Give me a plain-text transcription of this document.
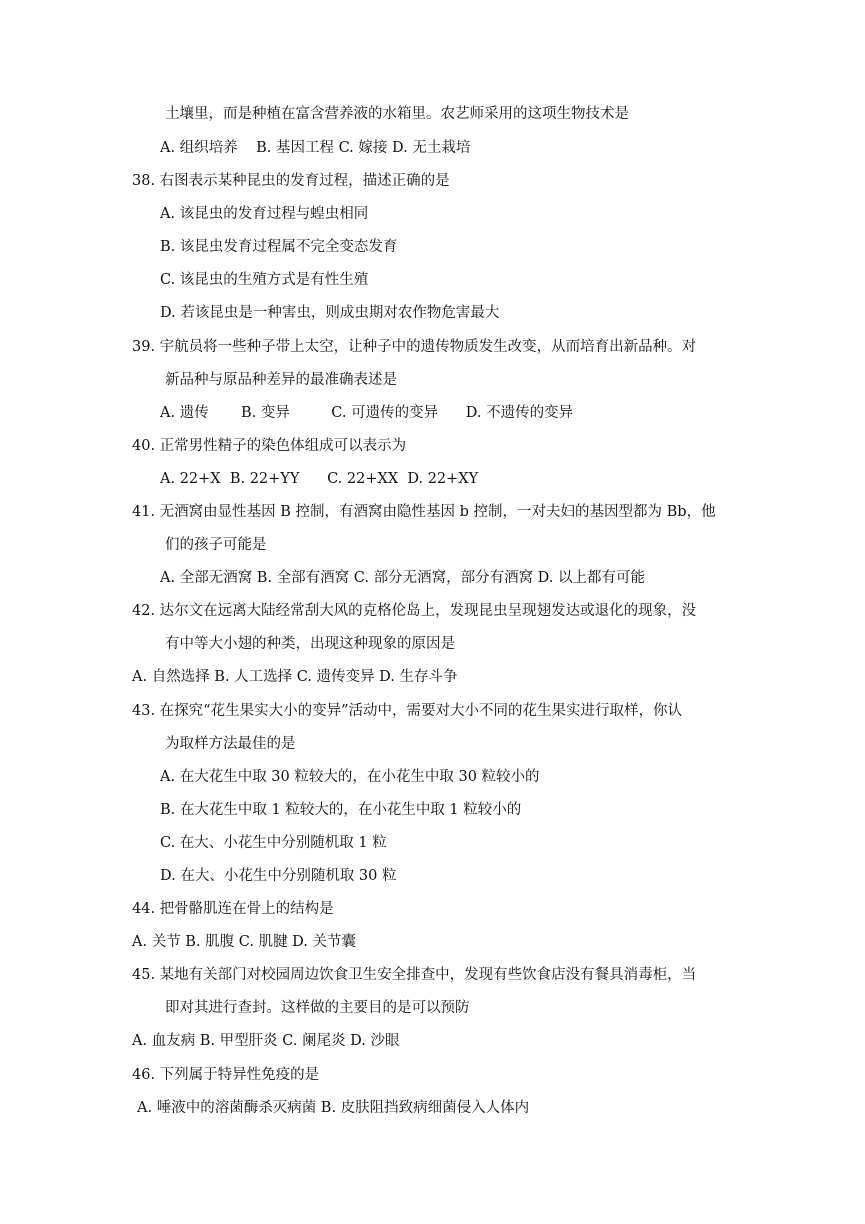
土壤里，而是种植在富含营养液的水箱里。农艺师采用的这项生物技术是
A. 组织培养    B. 基因工程 C. 嫁接 D. 无土栽培
38. 右图表示某种昆虫的发育过程，描述正确的是
A. 该昆虫的发育过程与蝗虫相同
B. 该昆虫发育过程属不完全变态发育
C. 该昆虫的生殖方式是有性生殖
D. 若该昆虫是一种害虫，则成虫期对农作物危害最大
39. 宇航员将一些种子带上太空，让种子中的遗传物质发生改变，从而培育出新品种。对
新品种与原品种差异的最准确表述是
A. 遗传       B. 变异         C. 可遗传的变异      D. 不遗传的变异
40. 正常男性精子的染色体组成可以表示为
A. 22+X  B. 22+YY      C. 22+XX  D. 22+XY
41. 无酒窝由显性基因 B 控制，有酒窝由隐性基因 b 控制，一对夫妇的基因型都为 Bb，他
们的孩子可能是
A. 全部无酒窝 B. 全部有酒窝 C. 部分无酒窝，部分有酒窝 D. 以上都有可能
42. 达尔文在远离大陆经常刮大风的克格伦岛上，发现昆虫呈现翅发达或退化的现象，没
有中等大小翅的种类，出现这种现象的原因是
A. 自然选择 B. 人工选择 C. 遗传变异 D. 生存斗争
43. 在探究“花生果实大小的变异”活动中，需要对大小不同的花生果实进行取样，你认
为取样方法最佳的是
A. 在大花生中取 30 粒较大的，在小花生中取 30 粒较小的
B. 在大花生中取 1 粒较大的，在小花生中取 1 粒较小的
C. 在大、小花生中分别随机取 1 粒
D. 在大、小花生中分别随机取 30 粒
44. 把骨骼肌连在骨上的结构是
A. 关节 B. 肌腹 C. 肌腱 D. 关节囊
45. 某地有关部门对校园周边饮食卫生安全排查中，发现有些饮食店没有餐具消毒柜，当
即对其进行查封。这样做的主要目的是可以预防
A. 血友病 B. 甲型肝炎 C. 阑尾炎 D. 沙眼
46. 下列属于特异性免疫的是
A. 唾液中的溶菌酶杀灭病菌 B. 皮肤阻挡致病细菌侵入人体内
